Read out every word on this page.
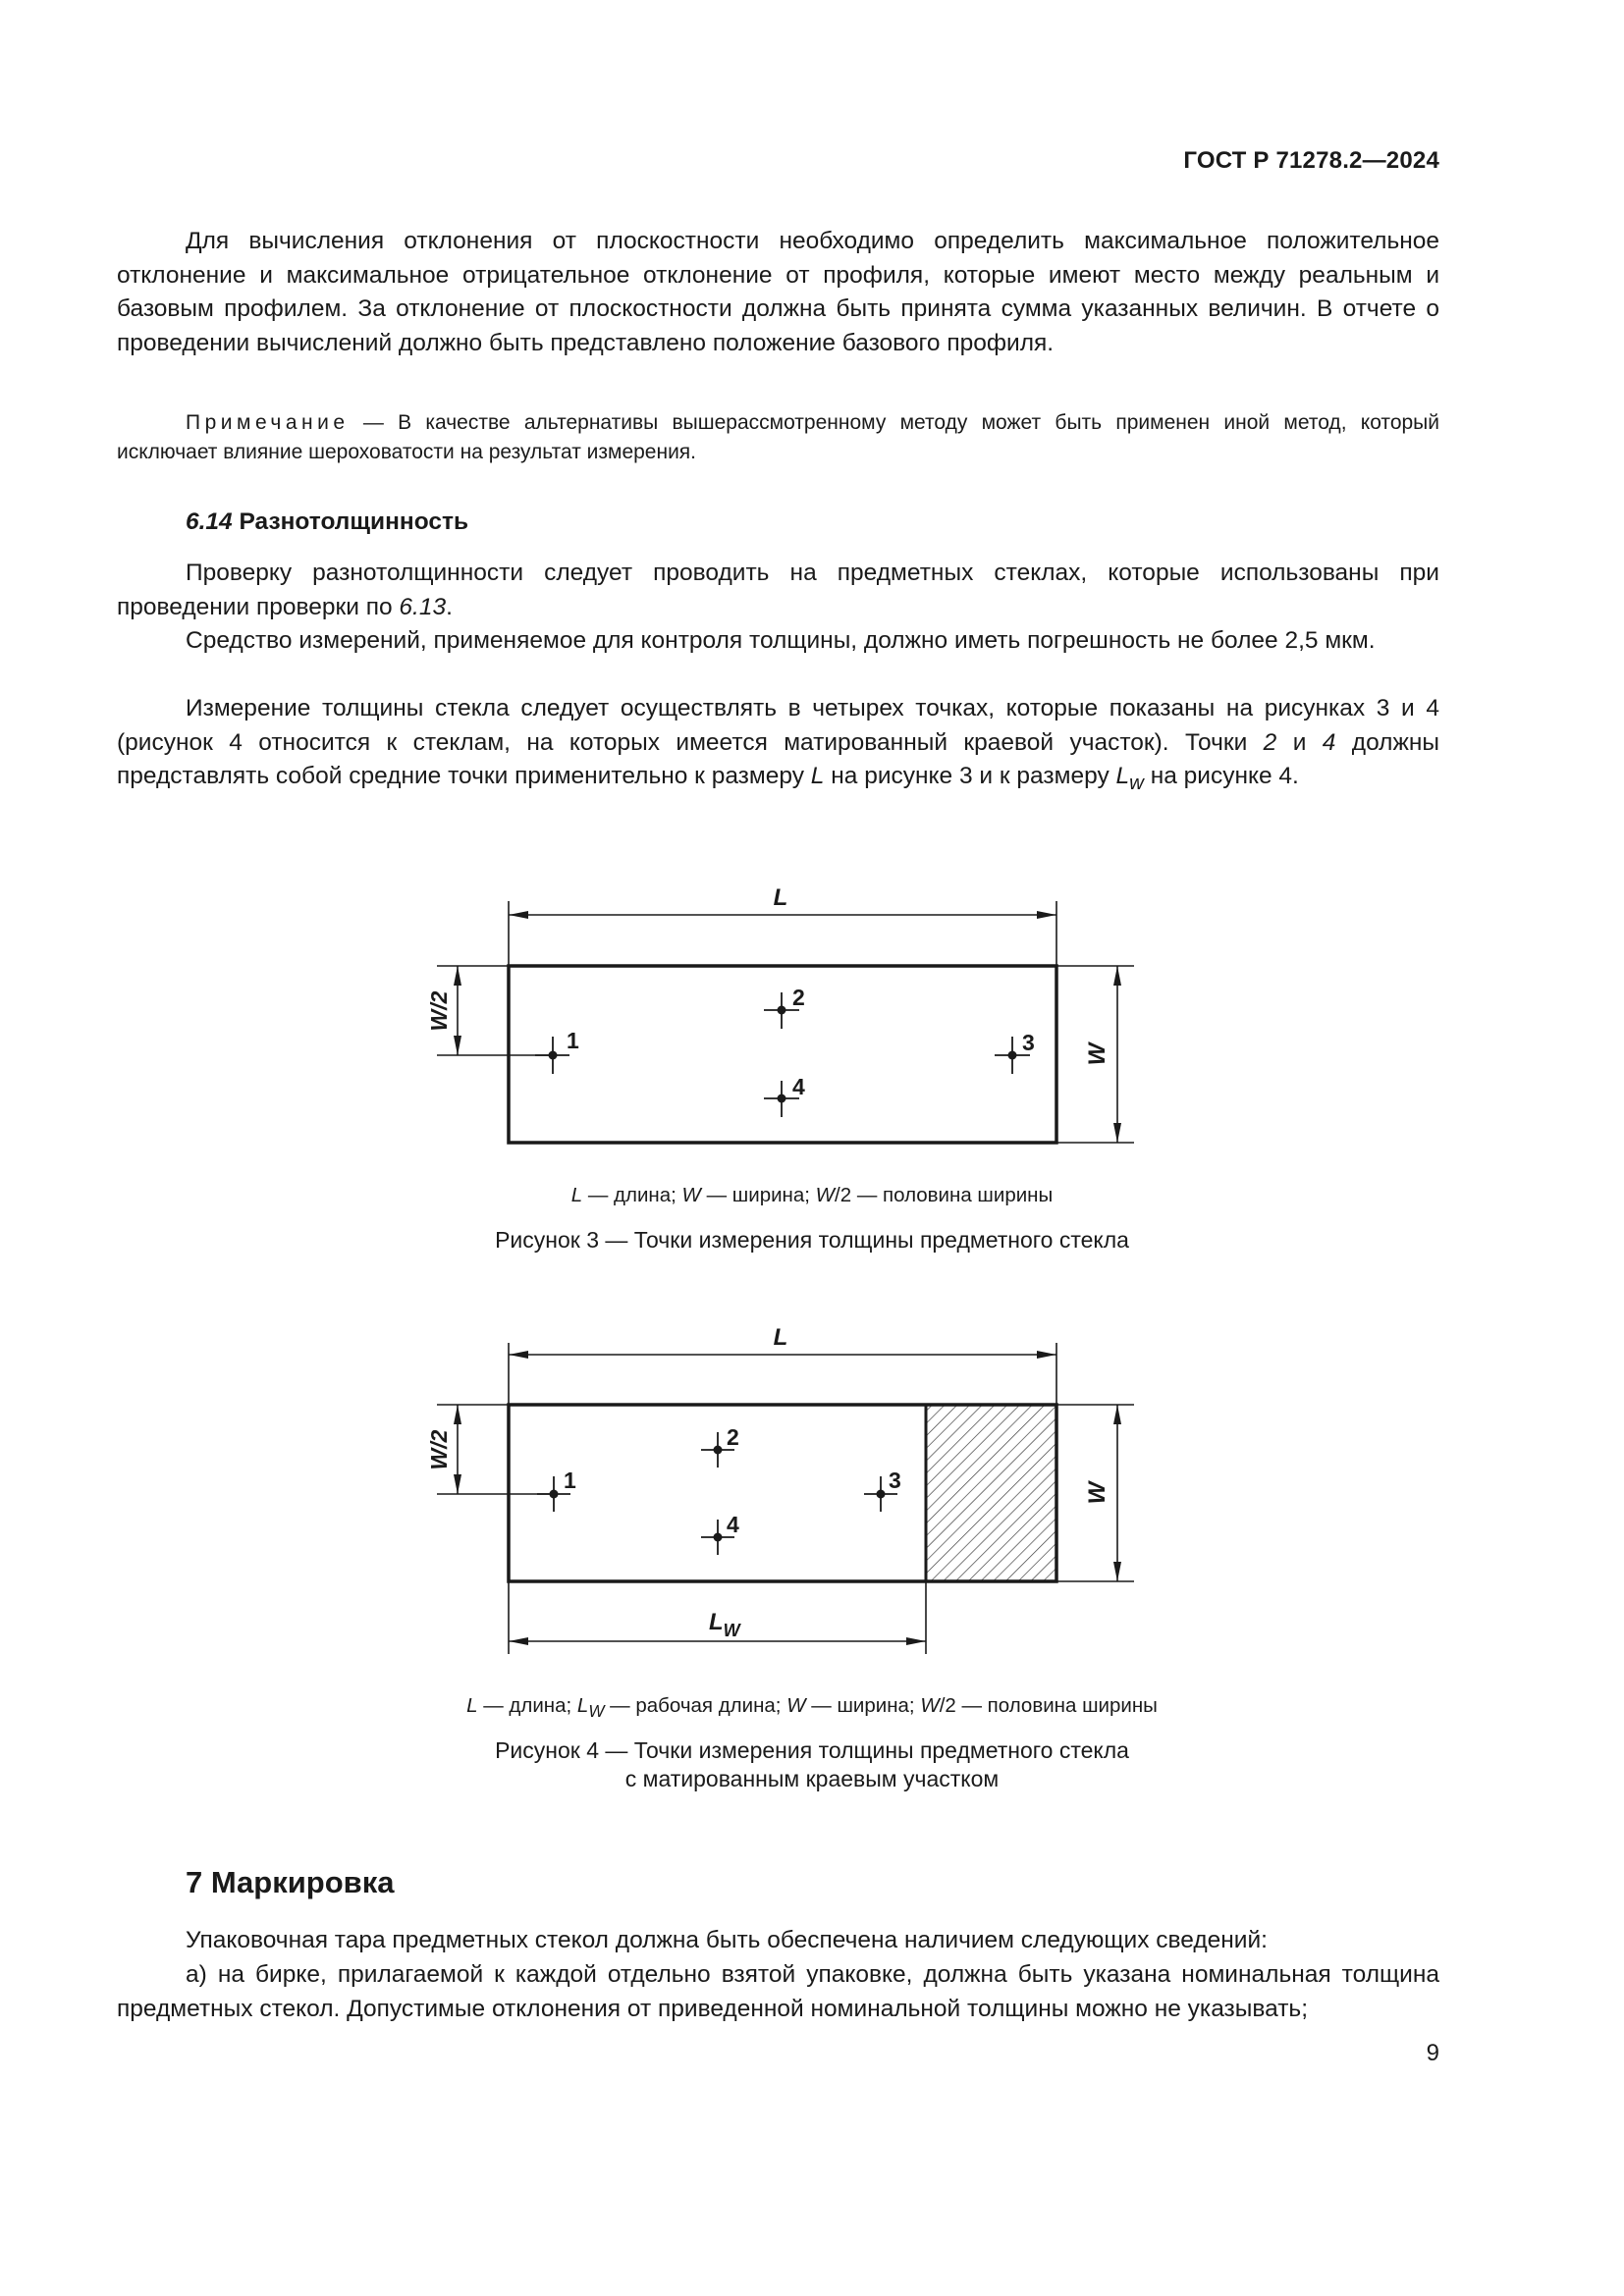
ГОСТ Р 71278.2—2024

Для вычисления отклонения от плоскостности необходимо определить максимальное положительное отклонение и максимальное отрицательное отклонение от профиля, которые имеют место между реальным и базовым профилем. За отклонение от плоскостности должна быть принята сумма указанных величин. В отчете о проведении вычислений должно быть представлено положение базового профиля.

Примечание — В качестве альтернативы вышерассмотренному методу может быть применен иной метод, который исключает влияние шероховатости на результат измерения.

6.14 Разнотолщинность

Проверку разнотолщинности следует проводить на предметных стеклах, которые использованы при проведении проверки по 6.13.

Средство измерений, применяемое для контроля толщины, должно иметь погрешность не более 2,5 мкм.

Измерение толщины стекла следует осуществлять в четырех точках, которые показаны на рисунках 3 и 4 (рисунок 4 относится к стеклам, на которых имеется матированный краевой участок). Точки 2 и 4 должны представлять собой средние точки применительно к размеру L на рисунке 3 и к размеру $L_w$ на рисунке 4.

L
W
W/2
1
2
3
4

L — длина; W — ширина; W/2 — половина ширины

Рисунок 3 — Точки измерения толщины предметного стекла

L
W
W/2
$L_W$
1
2
3
4

L — длина; $L_W$ — рабочая длина; W — ширина; W/2 — половина ширины

Рисунок 4 — Точки измерения толщины предметного стекла

с матированным краевым участком

7 Маркировка

Упаковочная тара предметных стекол должна быть обеспечена наличием следующих сведений:

а) на бирке, прилагаемой к каждой отдельно взятой упаковке, должна быть указана номинальная толщина предметных стекол. Допустимые отклонения от приведенной номинальной толщины можно не указывать;

9
